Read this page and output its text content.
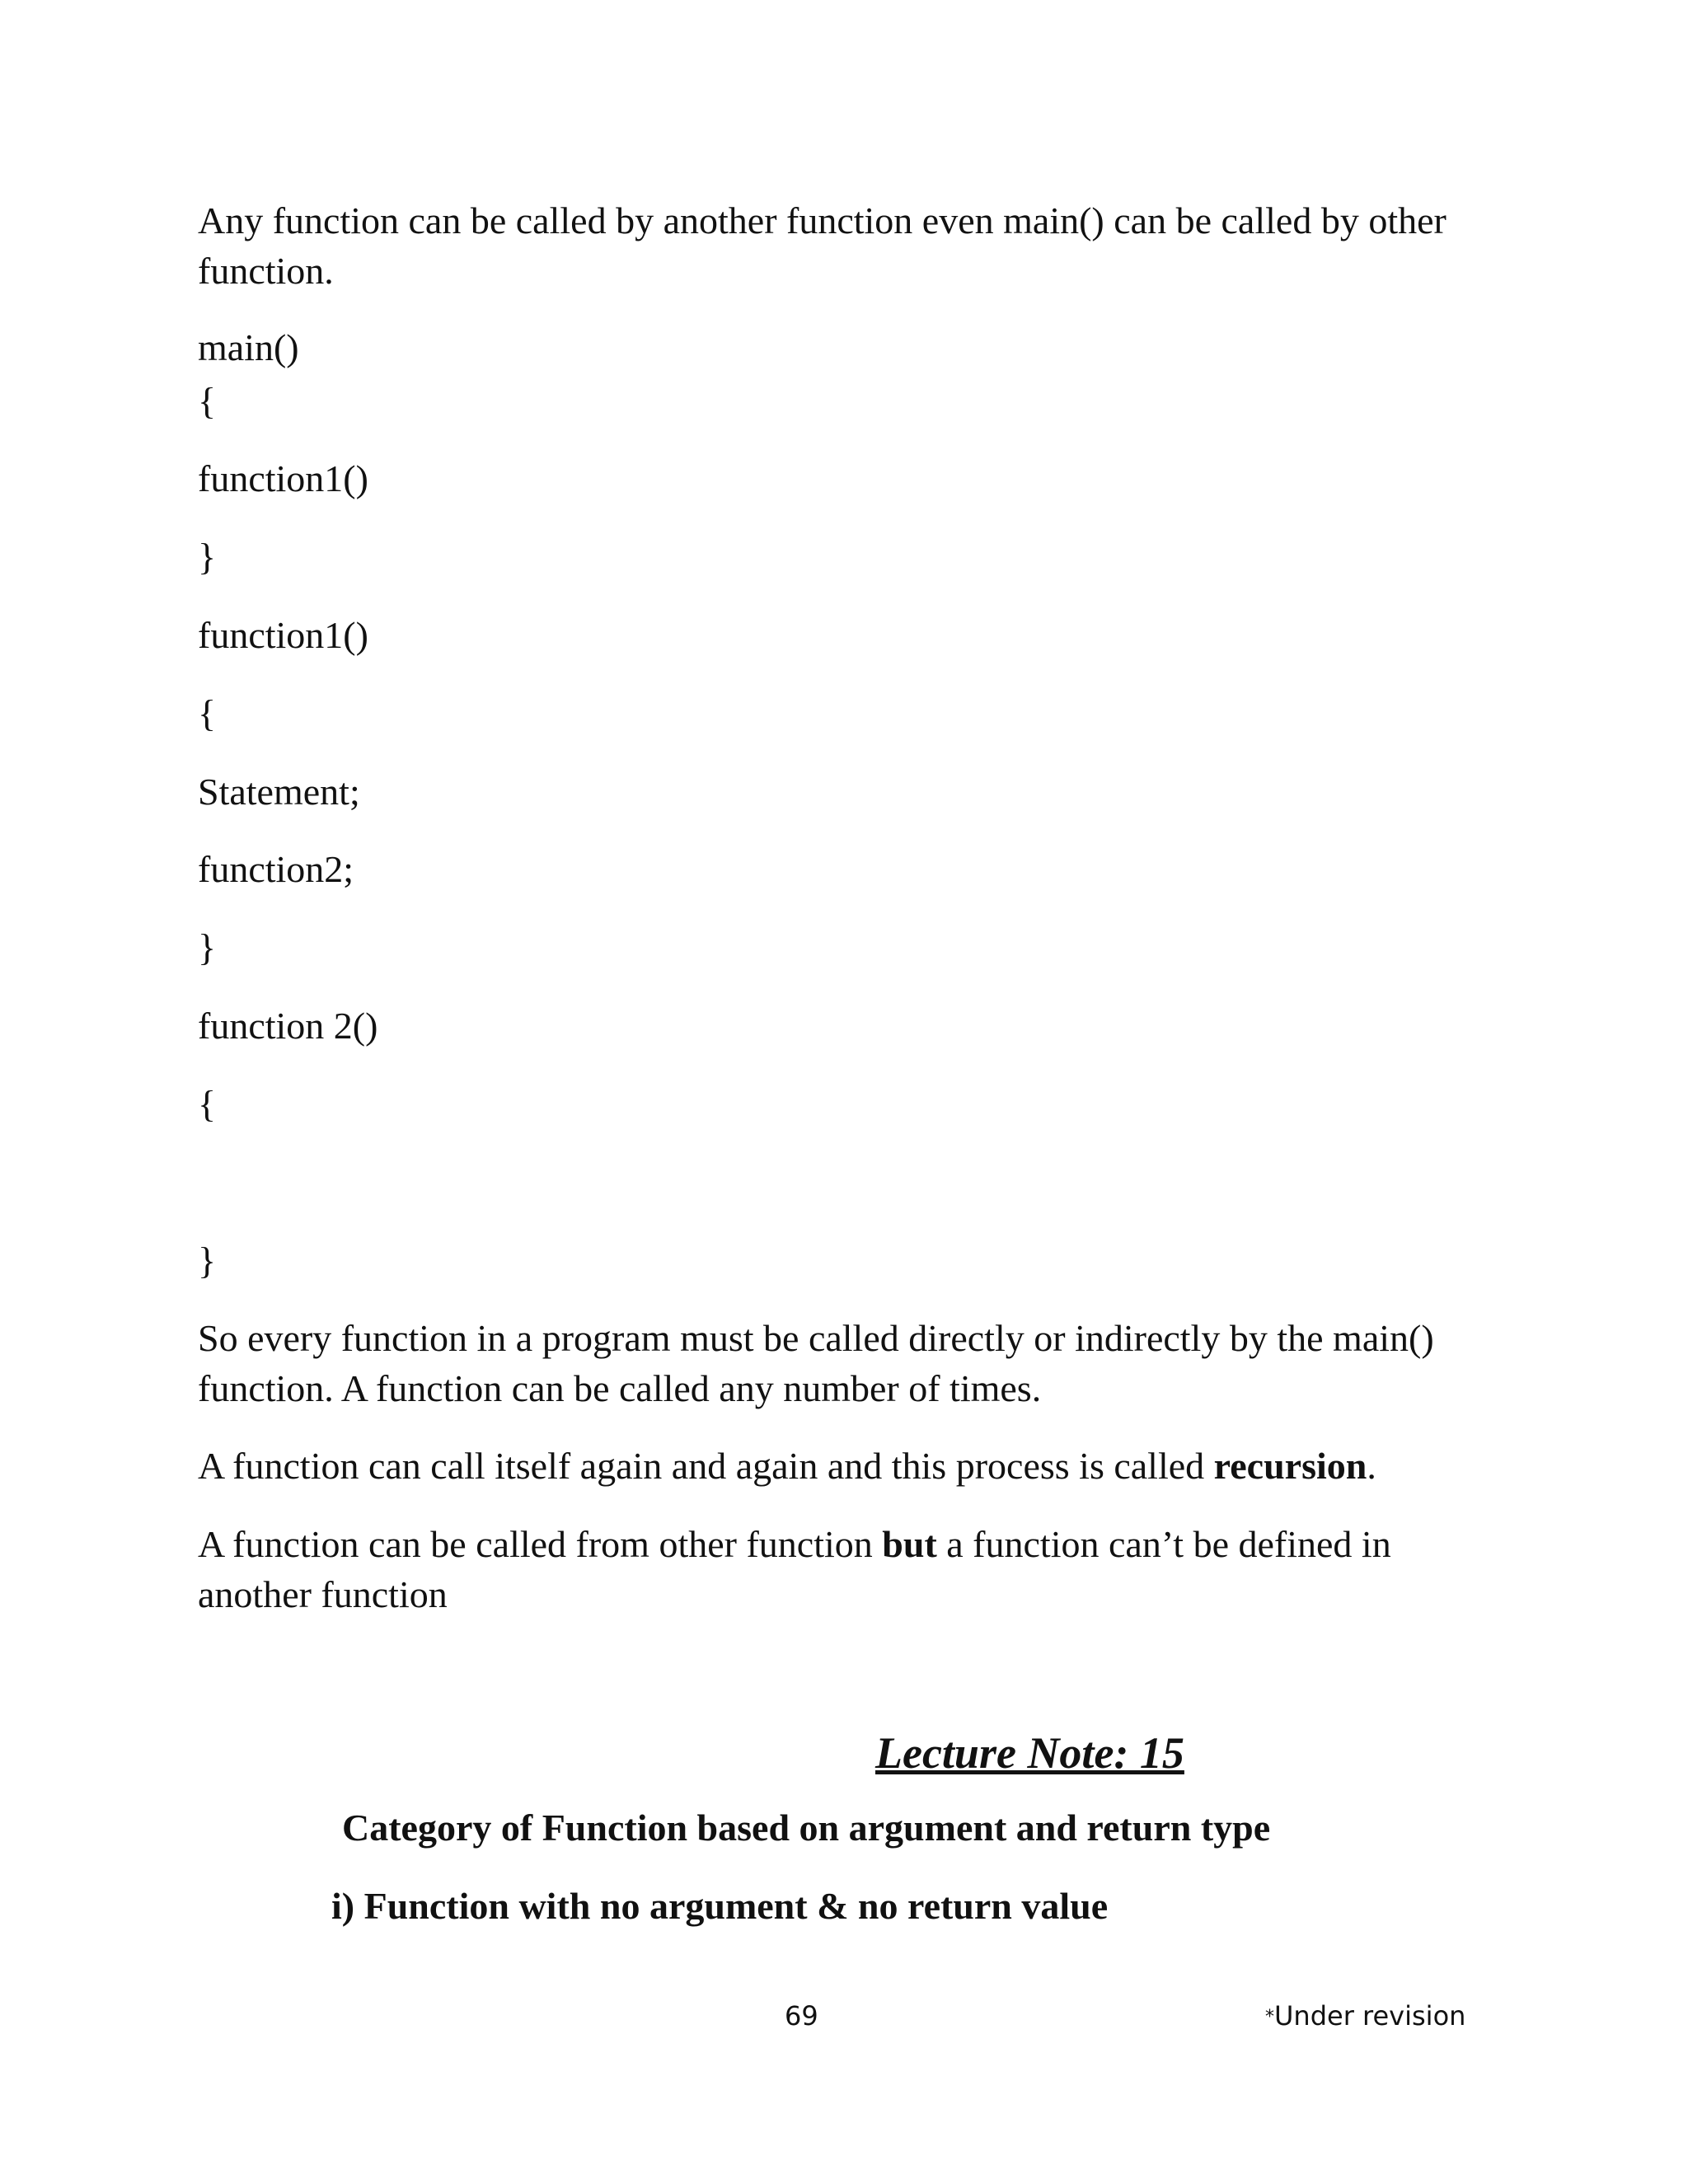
Any function can be called by another function even main() can be called by other
function.
main()
{
function1()
}
function1()
{
Statement;
function2;
}
function 2()
{
}
So every function in a program must be called directly or indirectly by the main()
function. A function can be called any number of times.
A function can call itself again and again and this process is called recursion.
A function can be called from other function but a function can’t be defined in
another function
Lecture Note: 15
Category of Function based on argument and return type
i) Function with no argument & no return value
69	*Under revision
